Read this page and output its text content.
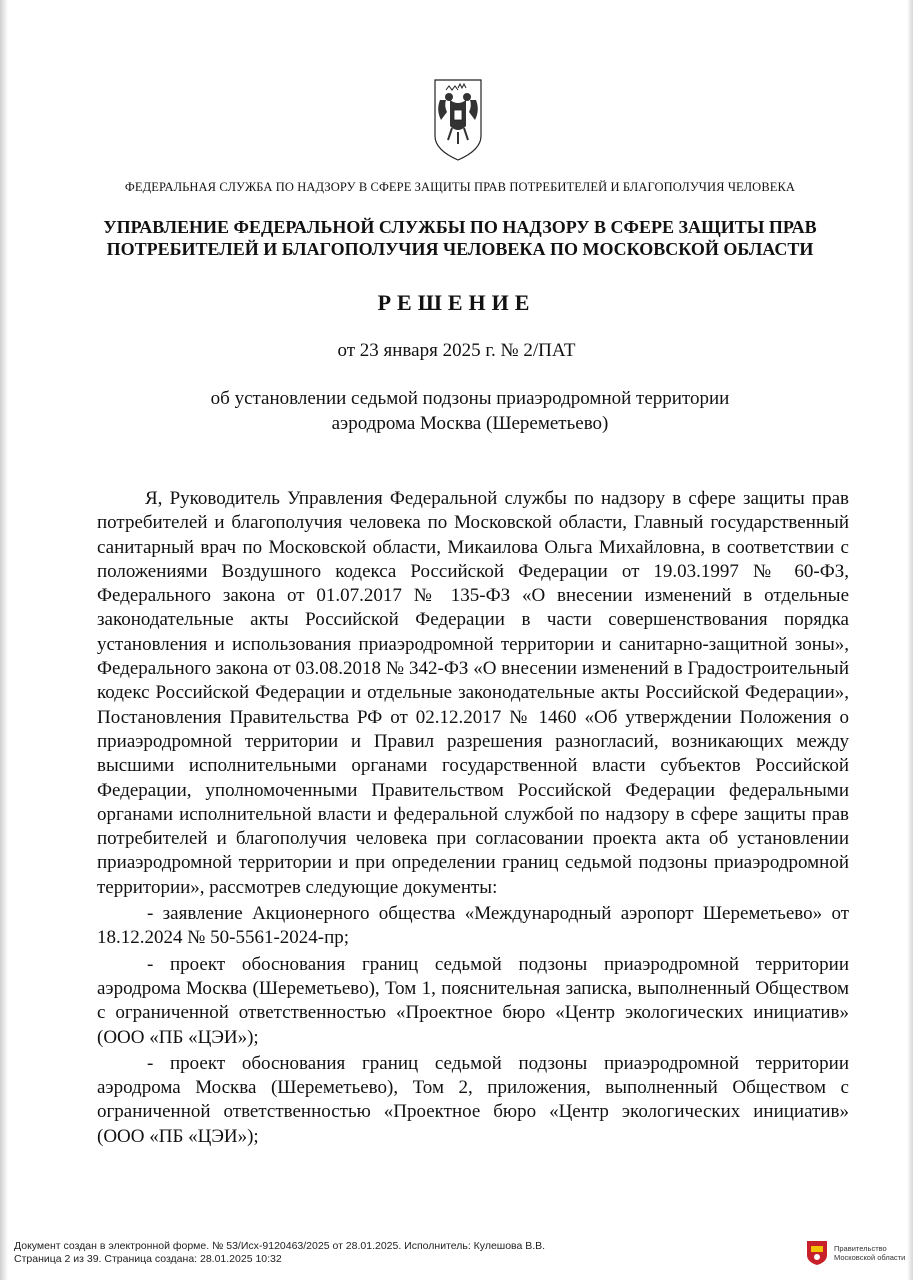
ФЕДЕРАЛЬНАЯ СЛУЖБА ПО НАДЗОРУ В СФЕРЕ ЗАЩИТЫ ПРАВ ПОТРЕБИТЕЛЕЙ И БЛАГОПОЛУЧИЯ ЧЕЛОВЕКА
УПРАВЛЕНИЕ ФЕДЕРАЛЬНОЙ СЛУЖБЫ ПО НАДЗОРУ В СФЕРЕ ЗАЩИТЫ ПРАВ
ПОТРЕБИТЕЛЕЙ И БЛАГОПОЛУЧИЯ ЧЕЛОВЕКА ПО МОСКОВСКОЙ ОБЛАСТИ
РЕШЕНИЕ
от 23 января 2025 г. № 2/ПАТ
об установлении седьмой подзоны приаэродромной территории
аэродрома Москва (Шереметьево)

Я, Руководитель Управления Федеральной службы по надзору в сфере защиты прав потребителей и благополучия человека по Московской области, Главный государственный санитарный врач по Московской области, Микаилова Ольга Михайловна, в соответствии с положениями Воздушного кодекса Российской Федерации от 19.03.1997 № 60-ФЗ, Федерального закона от 01.07.2017 № 135-ФЗ «О внесении изменений в отдельные законодательные акты Российской Федерации в части совершенствования порядка установления и использования приаэродромной территории и санитарно-защитной зоны», Федерального закона от 03.08.2018 № 342-ФЗ «О внесении изменений в Градостроительный кодекс Российской Федерации и отдельные законодательные акты Российской Федерации», Постановления Правительства РФ от 02.12.2017 № 1460 «Об утверждении Положения о приаэродромной территории и Правил разрешения разногласий, возникающих между высшими исполнительными органами государственной власти субъектов Российской Федерации, уполномоченными Правительством Российской Федерации федеральными органами исполнительной власти и федеральной службой по надзору в сфере защиты прав потребителей и благополучия человека при согласовании проекта акта об установлении приаэродромной территории и при определении границ седьмой подзоны приаэродромной территории», рассмотрев следующие документы:

- заявление Акционерного общества «Международный аэропорт Шереметьево» от 18.12.2024 № 50-5561-2024-пр;

- проект обоснования границ седьмой подзоны приаэродромной территории аэродрома Москва (Шереметьево), Том 1, пояснительная записка, выполненный Обществом с ограниченной ответственностью «Проектное бюро «Центр экологических инициатив» (ООО «ПБ «ЦЭИ»);

- проект обоснования границ седьмой подзоны приаэродромной территории аэродрома Москва (Шереметьево), Том 2, приложения, выполненный Обществом с ограниченной ответственностью «Проектное бюро «Центр экологических инициатив» (ООО «ПБ «ЦЭИ»);

Документ создан в электронной форме. № 53/Исх-9120463/2025 от 28.01.2025. Исполнитель: Кулешова В.В.
Страница 2 из 39. Страница создана: 28.01.2025 10:32
Правительство
Московской области
